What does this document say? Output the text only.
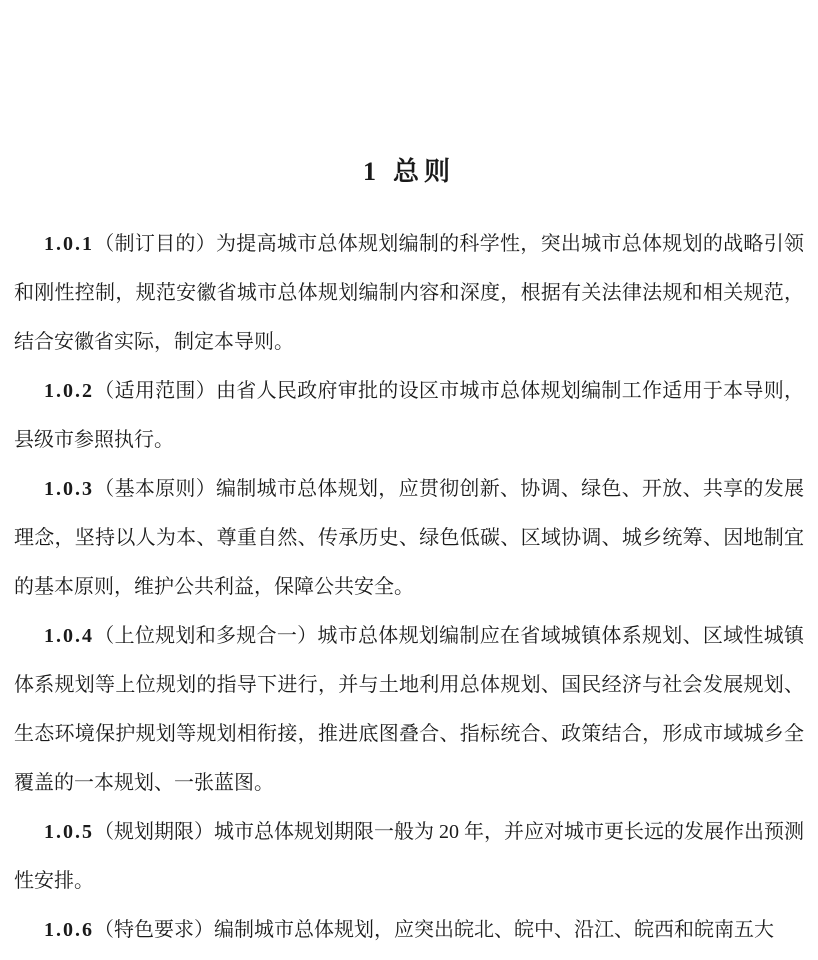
1 总则

1.0.1（制订目的）为提高城市总体规划编制的科学性，突出城市总体规划的战略引领和刚性控制，规范安徽省城市总体规划编制内容和深度，根据有关法律法规和相关规范，结合安徽省实际，制定本导则。

1.0.2（适用范围）由省人民政府审批的设区市城市总体规划编制工作适用于本导则，县级市参照执行。

1.0.3（基本原则）编制城市总体规划，应贯彻创新、协调、绿色、开放、共享的发展理念，坚持以人为本、尊重自然、传承历史、绿色低碳、区域协调、城乡统筹、因地制宜的基本原则，维护公共利益，保障公共安全。

1.0.4（上位规划和多规合一）城市总体规划编制应在省域城镇体系规划、区域性城镇体系规划等上位规划的指导下进行，并与土地利用总体规划、国民经济与社会发展规划、生态环境保护规划等规划相衔接，推进底图叠合、指标统合、政策结合，形成市域城乡全覆盖的一本规划、一张蓝图。

1.0.5（规划期限）城市总体规划期限一般为 20 年，并应对城市更长远的发展作出预测性安排。

1.0.6（特色要求）编制城市总体规划，应突出皖北、皖中、沿江、皖西和皖南五大
